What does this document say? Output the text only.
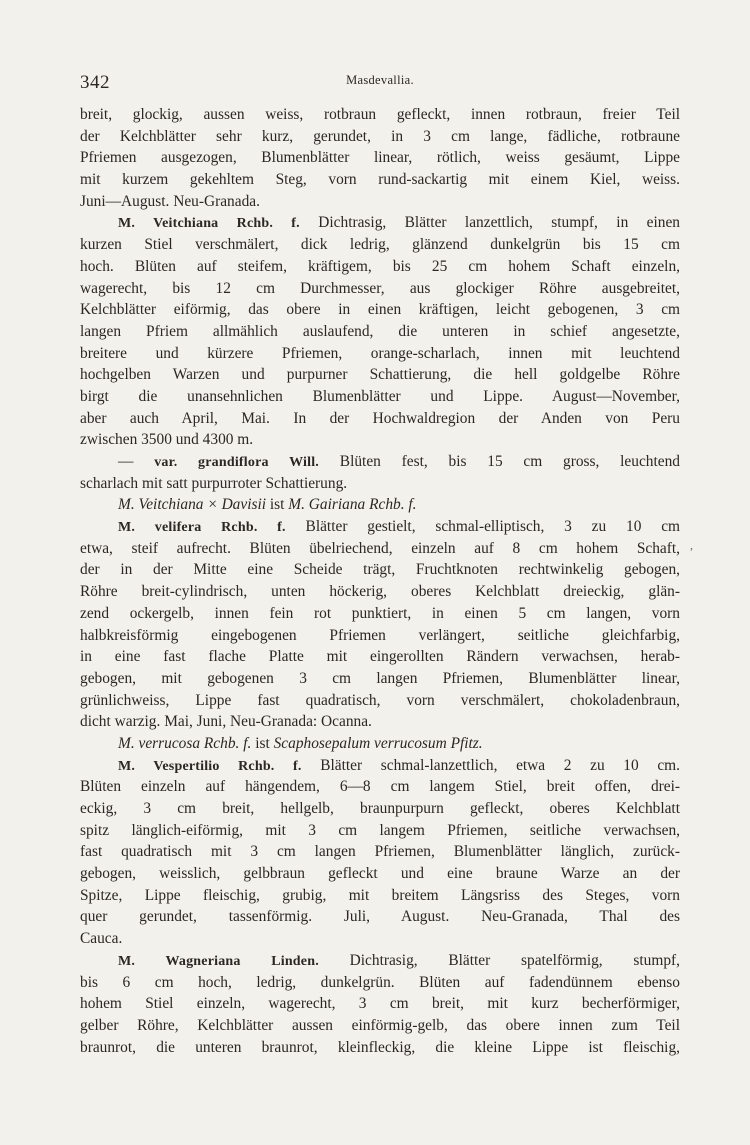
342	Masdevallia.
breit, glockig, aussen weiss, rotbraun gefleckt, innen rotbraun, freier Teil
der Kelchblätter sehr kurz, gerundet, in 3 cm lange, fädliche, rotbraune
Pfriemen ausgezogen, Blumenblätter linear, rötlich, weiss gesäumt, Lippe
mit kurzem gekehltem Steg, vorn rund-sackartig mit einem Kiel, weiss.
Juni—August. Neu-Granada.
M. Veitchiana Rchb. f. Dichtrasig, Blätter lanzettlich, stumpf, in einen
kurzen Stiel verschmälert, dick ledrig, glänzend dunkelgrün bis 15 cm
hoch. Blüten auf steifem, kräftigem, bis 25 cm hohem Schaft einzeln,
wagerecht, bis 12 cm Durchmesser, aus glockiger Röhre ausgebreitet,
Kelchblätter eiförmig, das obere in einen kräftigen, leicht gebogenen, 3 cm
langen Pfriem allmählich auslaufend, die unteren in schief angesetzte,
breitere und kürzere Pfriemen, orange-scharlach, innen mit leuchtend
hochgelben Warzen und purpurner Schattierung, die hell goldgelbe Röhre
birgt die unansehnlichen Blumenblätter und Lippe. August—November,
aber auch April, Mai. In der Hochwaldregion der Anden von Peru
zwischen 3500 und 4300 m.
— var. grandiflora Will. Blüten fest, bis 15 cm gross, leuchtend
scharlach mit satt purpurroter Schattierung.
M. Veitchiana × Davisii ist M. Gairiana Rchb. f.
M. velifera Rchb. f. Blätter gestielt, schmal-elliptisch, 3 zu 10 cm
etwa, steif aufrecht. Blüten übelriechend, einzeln auf 8 cm hohem Schaft,
der in der Mitte eine Scheide trägt, Fruchtknoten rechtwinkelig gebogen,
Röhre breit-cylindrisch, unten höckerig, oberes Kelchblatt dreieckig, glän-
zend ockergelb, innen fein rot punktiert, in einen 5 cm langen, vorn
halbkreisförmig eingebogenen Pfriemen verlängert, seitliche gleichfarbig,
in eine fast flache Platte mit eingerollten Rändern verwachsen, herab-
gebogen, mit gebogenen 3 cm langen Pfriemen, Blumenblätter linear,
grünlichweiss, Lippe fast quadratisch, vorn verschmälert, chokoladenbraun,
dicht warzig. Mai, Juni, Neu-Granada: Ocanna.
M. verrucosa Rchb. f. ist Scaphosepalum verrucosum Pfitz.
M. Vespertilio Rchb. f. Blätter schmal-lanzettlich, etwa 2 zu 10 cm.
Blüten einzeln auf hängendem, 6—8 cm langem Stiel, breit offen, drei-
eckig, 3 cm breit, hellgelb, braunpurpurn gefleckt, oberes Kelchblatt
spitz länglich-eiförmig, mit 3 cm langem Pfriemen, seitliche verwachsen,
fast quadratisch mit 3 cm langen Pfriemen, Blumenblätter länglich, zurück-
gebogen, weisslich, gelbbraun gefleckt und eine braune Warze an der
Spitze, Lippe fleischig, grubig, mit breitem Längsriss des Steges, vorn
quer gerundet, tassenförmig. Juli, August. Neu-Granada, Thal des
Cauca.
M. Wagneriana Linden. Dichtrasig, Blätter spatelförmig, stumpf,
bis 6 cm hoch, ledrig, dunkelgrün. Blüten auf fadendünnem ebenso
hohem Stiel einzeln, wagerecht, 3 cm breit, mit kurz becherförmiger,
gelber Röhre, Kelchblätter aussen einförmig-gelb, das obere innen zum Teil
braunrot, die unteren braunrot, kleinfleckig, die kleine Lippe ist fleischig,
,
